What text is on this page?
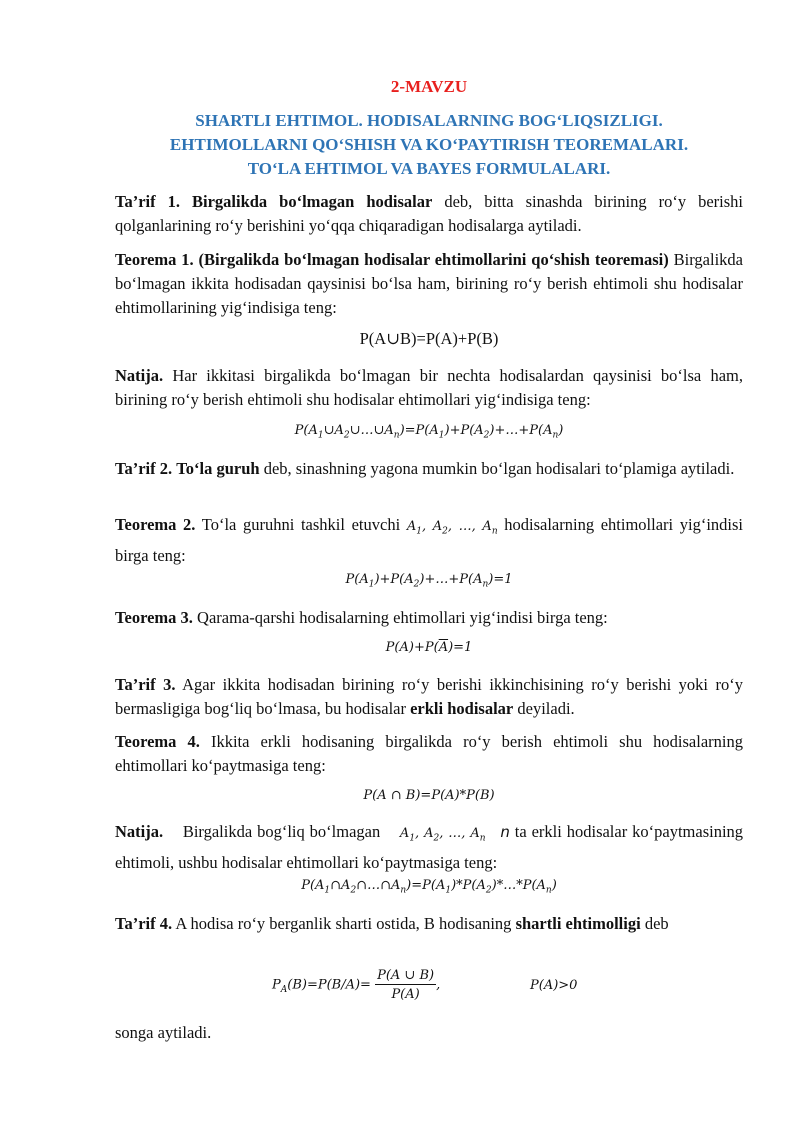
2-MAVZU
SHARTLI EHTIMOL. HODISALARNING BOG‘LIQSIZLIGI.
EHTIMOLLARNI QO‘SHISH VA KO‘PAYTIRISH TEOREMALARI.
TO‘LA EHTIMOL VA BAYES FORMULALARI.

Ta’rif 1. Birgalikda bo‘lmagan hodisalar deb, bitta sinashda birining ro‘y berishi qolganlarining ro‘y berishini yo‘qqa chiqaradigan hodisalarga aytiladi.

Teorema 1. (Birgalikda bo‘lmagan hodisalar ehtimollarini qo‘shish teoremasi) Birgalikda bo‘lmagan ikkita hodisadan qaysinisi bo‘lsa ham, birining ro‘y berish ehtimoli shu hodisalar ehtimollarining yig‘indisiga teng:

P(A∪B)=P(A)+P(B)

Natija. Har ikkitasi birgalikda bo‘lmagan bir nechta hodisalardan qaysinisi bo‘lsa ham, birining ro‘y berish ehtimoli shu hodisalar ehtimollari yig‘indisiga teng:

$P(A_1\cup A_2\cup\dots\cup A_n)=P(A_1)+P(A_2)+\dots+P(A_n)$

Ta’rif 2. To‘la guruh deb, sinashning yagona mumkin bo‘lgan hodisalari to‘plamiga aytiladi.

Teorema 2. To‘la guruhni tashkil etuvchi $A_1$, $A_2$, …, $A_n$ hodisalarning ehtimollari yig‘indisi birga teng:

$P(A_1)+P(A_2)+\dots+P(A_n)=1$

Teorema 3. Qarama-qarshi hodisalarning ehtimollari yig‘indisi birga teng:

$P(A)+P(\overline{A})=1$

Ta’rif 3. Agar ikkita hodisadan birining ro‘y berishi ikkinchisining ro‘y berishi yoki ro‘y bermasligiga bog‘liq bo‘lmasa, bu hodisalar erkli hodisalar deyiladi.

Teorema 4. Ikkita erkli hodisaning birgalikda ro‘y berish ehtimoli shu hodisalarning ehtimollari ko‘paytmasiga teng:

P(A ∩ B)=P(A)*P(B)

Natija. Birgalikda bog‘liq bo‘lmagan $A_1$, $A_2$, …, $A_n$ n ta erkli hodisalar ko‘paytmasining ehtimoli, ushbu hodisalar ehtimollari ko‘paytmasiga teng:

$P(A_1\cap A_2\cap\dots\cap A_n)=P(A_1)*P(A_2)*\dots*P(A_n)$

Ta’rif 4. A hodisa ro‘y berganlik sharti ostida, B hodisaning shartli ehtimolligi deb

$P_A(B)=P(B/A)= \frac{P(A \cup B)}{P(A)}$ ,	P(A)>0

songa aytiladi.
